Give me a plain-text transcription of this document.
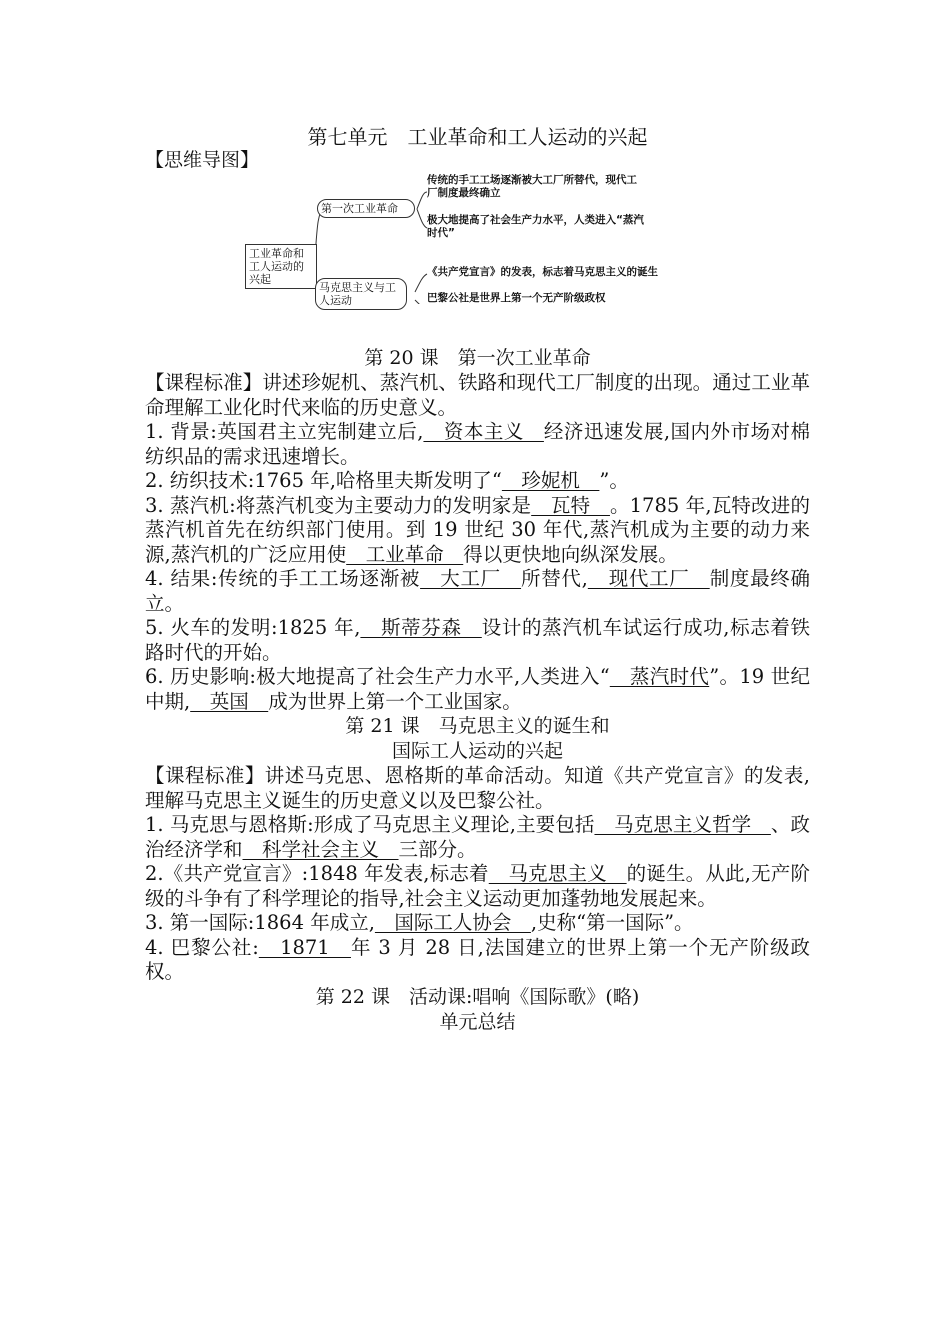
第七单元　工业革命和工人运动的兴起
【思维导图】
工业革命和工人运动的兴起
第一次工业革命
马克思主义与工人运动
传统的手工工场逐渐被大工厂所替代，现代工厂制度最终确立
极大地提高了社会生产力水平，人类进入“蒸汽时代”
《共产党宣言》的发表，标志着马克思主义的诞生
巴黎公社是世界上第一个无产阶级政权
第 20 课　第一次工业革命

【课程标准】讲述珍妮机、蒸汽机、铁路和现代工厂制度的出现。通过工业革命理解工业化时代来临的历史意义。

1. 背景:英国君主立宪制建立后,　资本主义　经济迅速发展,国内外市场对棉纺织品的需求迅速增长。

2. 纺织技术:1765 年,哈格里夫斯发明了“　珍妮机　”。

3. 蒸汽机:将蒸汽机变为主要动力的发明家是　瓦特　。1785 年,瓦特改进的蒸汽机首先在纺织部门使用。到 19 世纪 30 年代,蒸汽机成为主要的动力来源,蒸汽机的广泛应用使　工业革命　得以更快地向纵深发展。

4. 结果:传统的手工工场逐渐被　大工厂　所替代,　现代工厂　制度最终确立。

5. 火车的发明:1825 年,　斯蒂芬森　设计的蒸汽机车试运行成功,标志着铁路时代的开始。

6. 历史影响:极大地提高了社会生产力水平,人类进入“　蒸汽时代”。19 世纪中期,　英国　成为世界上第一个工业国家。

第 21 课　马克思主义的诞生和
国际工人运动的兴起

【课程标准】讲述马克思、恩格斯的革命活动。知道《共产党宣言》的发表,理解马克思主义诞生的历史意义以及巴黎公社。

1. 马克思与恩格斯:形成了马克思主义理论,主要包括　马克思主义哲学　、政治经济学和　科学社会主义　三部分。

2.《共产党宣言》:1848 年发表,标志着　马克思主义　的诞生。从此,无产阶级的斗争有了科学理论的指导,社会主义运动更加蓬勃地发展起来。

3. 第一国际:1864 年成立,　国际工人协会　,史称“第一国际”。

4. 巴黎公社:　1871　年 3 月 28 日,法国建立的世界上第一个无产阶级政权。

第 22 课　活动课:唱响《国际歌》(略)
单元总结
